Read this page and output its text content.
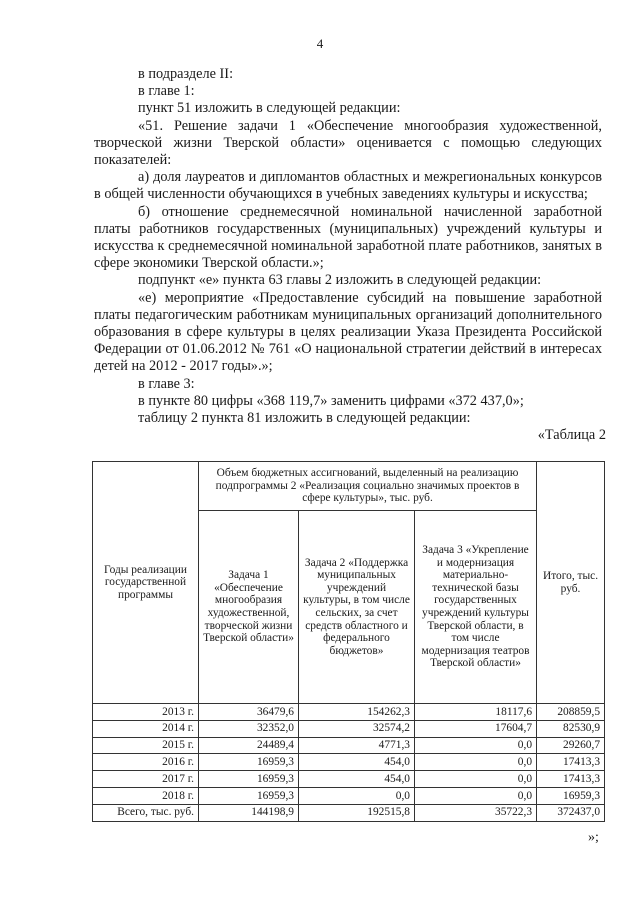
4

в подразделе II:

в главе 1:

пункт 51 изложить в следующей редакции:

«51. Решение задачи 1 «Обеспечение многообразия художественной, творческой жизни Тверской области» оценивается с помощью следующих показателей:

а) доля лауреатов и дипломантов областных и межрегиональных конкурсов в общей численности обучающихся в учебных заведениях культуры и искусства;

б) отношение среднемесячной номинальной начисленной заработной платы работников государственных (муниципальных) учреждений культуры и искусства к среднемесячной номинальной заработной плате работников, занятых в сфере экономики Тверской области.»;

подпункт «е» пункта 63 главы 2 изложить в следующей редакции:

«е) мероприятие «Предоставление субсидий на повышение заработной платы педагогическим работникам муниципальных организаций дополнительного образования в сфере культуры в целях реализации Указа Президента Российской Федерации от 01.06.2012 № 761 «О национальной стратегии действий в интересах детей на 2012 - 2017 годы».»;

в главе 3:

в пункте 80 цифры «368 119,7» заменить цифрами «372 437,0»;

таблицу 2 пункта 81 изложить в следующей редакции:

«Таблица 2

Годы реализации государственной программы	Объем бюджетных ассигнований, выделенный на реализацию подпрограммы 2 «Реализация социально значимых проектов в сфере культуры», тыс. руб.			Итого, тыс. руб.
	Задача 1 «Обеспечение многообразия художественной, творческой жизни Тверской области»	Задача 2 «Поддержка муниципальных учреждений культуры, в том числе сельских, за счет средств областного и федерального бюджетов»	Задача 3 «Укрепление и модернизация материально-технической базы государственных учреждений культуры Тверской области, в том числе модернизация театров Тверской области»	
2013 г.	36479,6	154262,3	18117,6	208859,5
2014 г.	32352,0	32574,2	17604,7	82530,9
2015 г.	24489,4	4771,3	0,0	29260,7
2016 г.	16959,3	454,0	0,0	17413,3
2017 г.	16959,3	454,0	0,0	17413,3
2018 г.	16959,3	0,0	0,0	16959,3
Всего, тыс. руб.	144198,9	192515,8	35722,3	372437,0
»;
